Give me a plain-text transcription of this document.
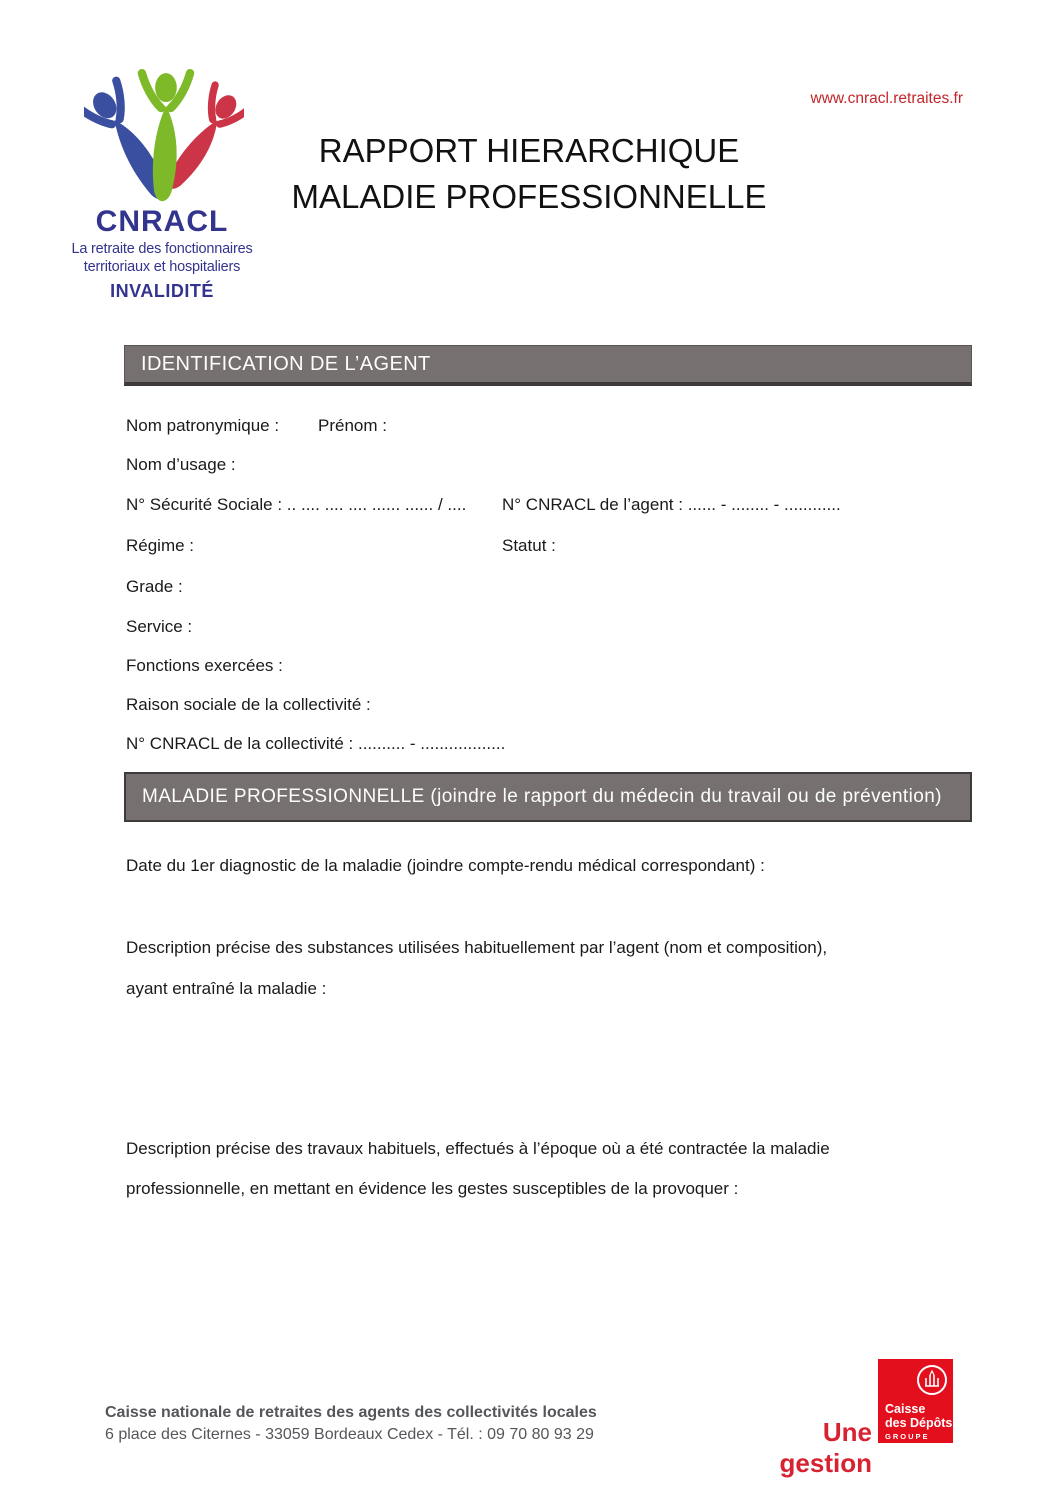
CNRACL
La retraite des fonctionnaires
territoriaux et hospitaliers
INVALIDITÉ
www.cnracl.retraites.fr
RAPPORT HIERARCHIQUE
MALADIE PROFESSIONNELLE
IDENTIFICATION DE L’AGENT
Nom patronymique : Prénom :
Nom d’usage :
N° Sécurité Sociale : .. .... .... .... ...... ...... / .... N° CNRACL de l’agent : ...... - ........ - ............
Régime :	Statut :
Grade :
Service :
Fonctions exercées :
Raison sociale de la collectivité :
N° CNRACL de la collectivité : .......... - ..................
MALADIE PROFESSIONNELLE (joindre le rapport du médecin du travail ou de prévention)
Date du 1er diagnostic de la maladie (joindre compte-rendu médical correspondant) :
Description précise des substances utilisées habituellement par l’agent (nom et composition),
ayant entraîné la maladie :
Description précise des travaux habituels, effectués à l’époque où a été contractée la maladie
professionnelle, en mettant en évidence les gestes susceptibles de la provoquer :
Caisse nationale de retraites des agents des collectivités locales
6 place des Citernes - 33059 Bordeaux Cedex - Tél. : 09 70 80 93 29	Une gestion
Caisse
des Dépôts
GROUPE
